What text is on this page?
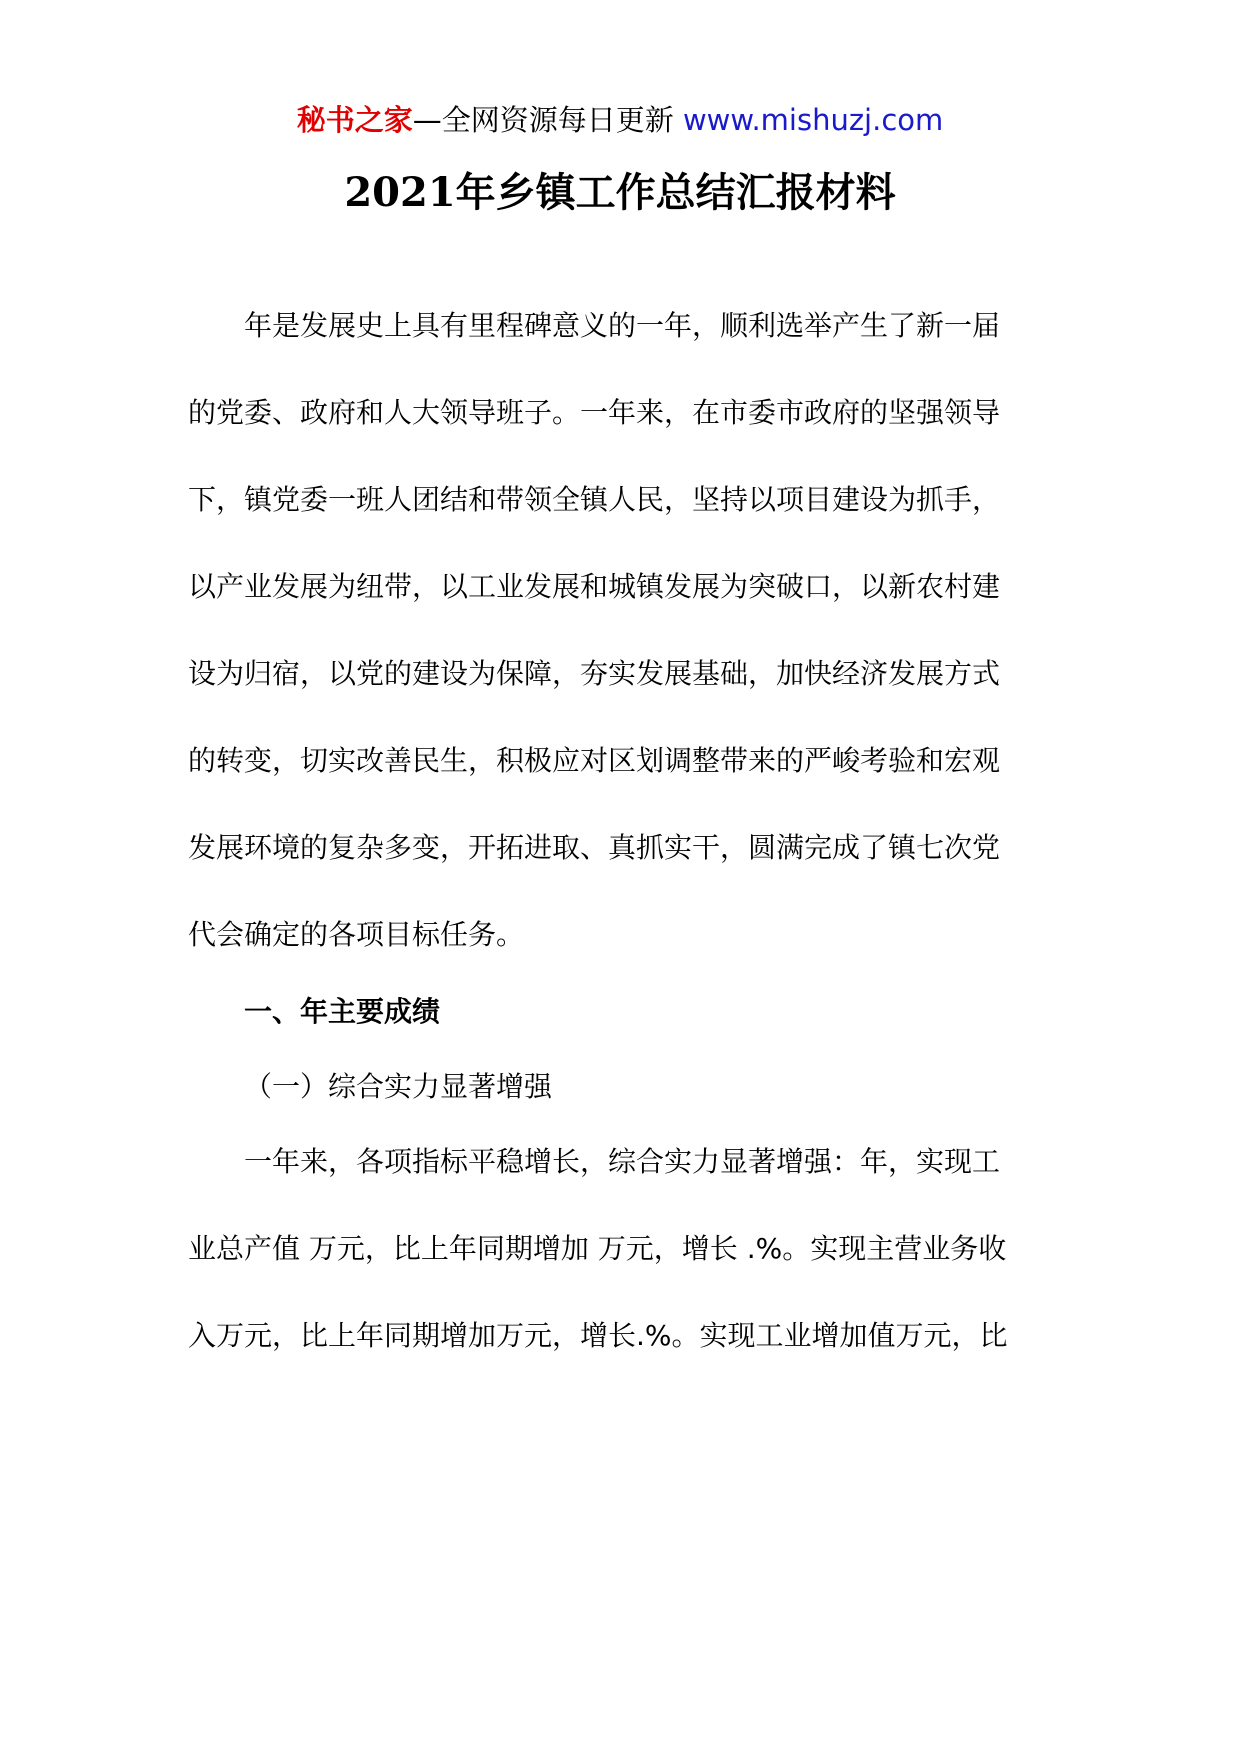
秘书之家—全网资源每日更新 www.mishuzj.com
2021年乡镇工作总结汇报材料
年是发展史上具有里程碑意义的一年，顺利选举产生了新一届
的党委、政府和人大领导班子。一年来，在市委市政府的坚强领导
下，镇党委一班人团结和带领全镇人民，坚持以项目建设为抓手，
以产业发展为纽带，以工业发展和城镇发展为突破口，以新农村建
设为归宿，以党的建设为保障，夯实发展基础，加快经济发展方式
的转变，切实改善民生，积极应对区划调整带来的严峻考验和宏观
发展环境的复杂多变，开拓进取、真抓实干，圆满完成了镇七次党
代会确定的各项目标任务。
一、年主要成绩
（一）综合实力显著增强
一年来，各项指标平稳增长，综合实力显著增强：年，实现工
业总产值 万元，比上年同期增加 万元，增长 .%。实现主营业务收
入万元，比上年同期增加万元，增长.%。实现工业增加值万元，比
